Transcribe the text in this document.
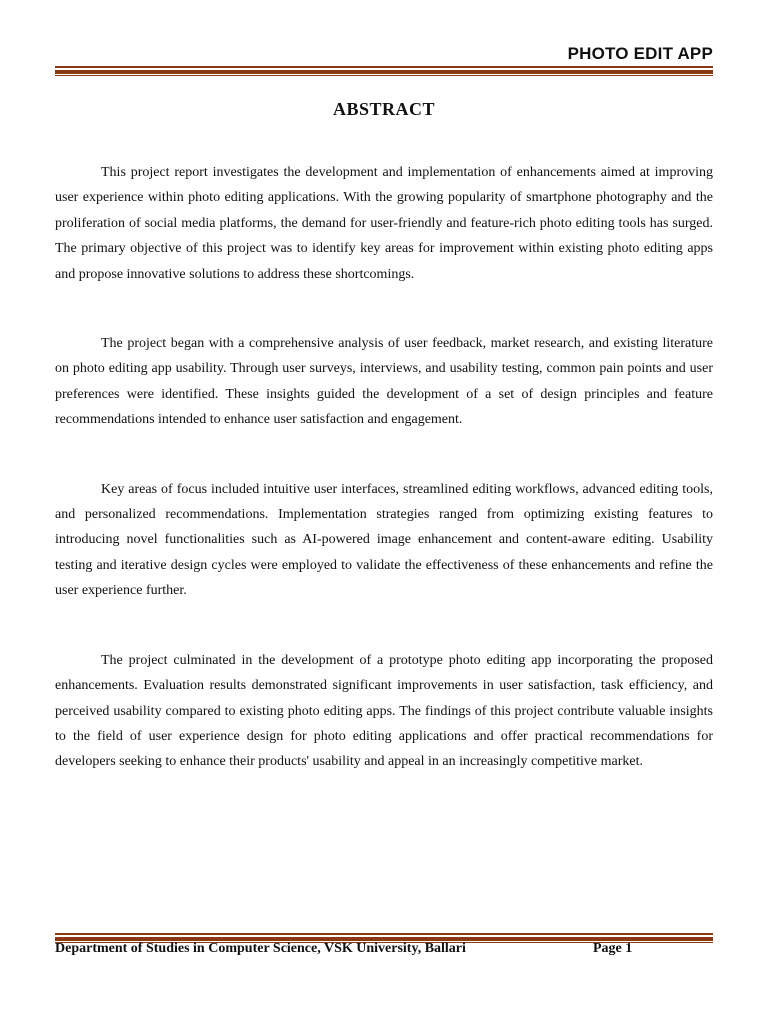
PHOTO EDIT APP
ABSTRACT

This project report investigates the development and implementation of enhancements aimed at improving user experience within photo editing applications. With the growing popularity of smartphone photography and the proliferation of social media platforms, the demand for user-friendly and feature-rich photo editing tools has surged. The primary objective of this project was to identify key areas for improvement within existing photo editing apps and propose innovative solutions to address these shortcomings.

The project began with a comprehensive analysis of user feedback, market research, and existing literature on photo editing app usability. Through user surveys, interviews, and usability testing, common pain points and user preferences were identified. These insights guided the development of a set of design principles and feature recommendations intended to enhance user satisfaction and engagement.

Key areas of focus included intuitive user interfaces, streamlined editing workflows, advanced editing tools, and personalized recommendations. Implementation strategies ranged from optimizing existing features to introducing novel functionalities such as AI-powered image enhancement and content-aware editing. Usability testing and iterative design cycles were employed to validate the effectiveness of these enhancements and refine the user experience further.

The project culminated in the development of a prototype photo editing app incorporating the proposed enhancements. Evaluation results demonstrated significant improvements in user satisfaction, task efficiency, and perceived usability compared to existing photo editing apps. The findings of this project contribute valuable insights to the field of user experience design for photo editing applications and offer practical recommendations for developers seeking to enhance their products' usability and appeal in an increasingly competitive market.

Department of Studies in Computer Science, VSK University, Ballari	Page 1
